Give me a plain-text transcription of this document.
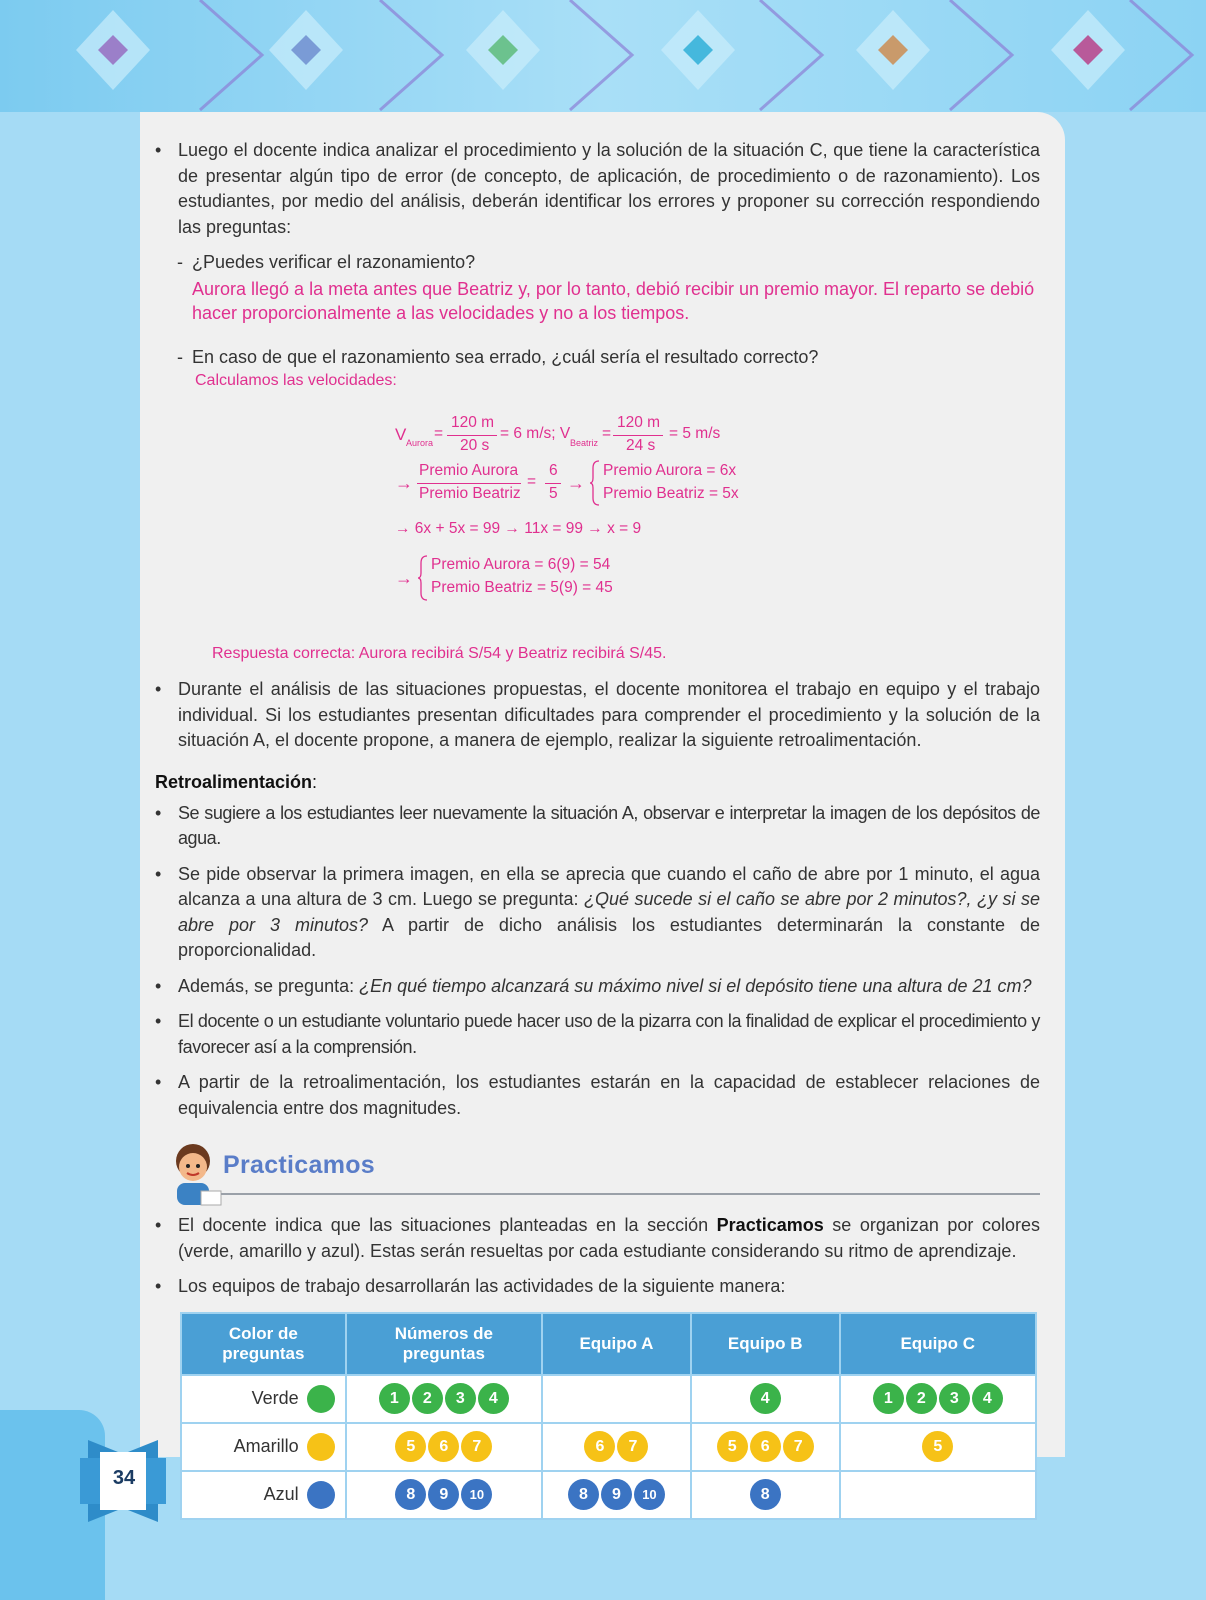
• Luego el docente indica analizar el procedimiento y la solución de la situación C, que tiene la característica de presentar algún tipo de error (de concepto, de aplicación, de procedimiento o de razonamiento). Los estudiantes, por medio del análisis, deberán identificar los errores y proponer su corrección respondiendo las preguntas:

- ¿Puedes verificar el razonamiento?
Aurora llegó a la meta antes que Beatriz y, por lo tanto, debió recibir un premio mayor. El reparto se debió hacer proporcionalmente a las velocidades y no a los tiempos.
- En caso de que el razonamiento sea errado, ¿cuál sería el resultado correcto?
Calculamos las velocidades:
V Aurora
=
120 m
20 s
= 6 m/s; V
Beatriz
=
120 m
24 s
= 5 m/s
→
Premio Aurora
Premio Beatriz
=
6
5
→
Premio Aurora = 6x
Premio Beatriz = 5x
→ 6x + 5x = 99 → 11x = 99 → x = 9
→
Premio Aurora = 6(9) = 54
Premio Beatriz = 5(9) = 45
Respuesta correcta: Aurora recibirá S/54 y Beatriz recibirá S/45.

• Durante el análisis de las situaciones propuestas, el docente monitorea el trabajo en equipo y el trabajo individual. Si los estudiantes presentan dificultades para comprender el procedimiento y la solución de la situación A, el docente propone, a manera de ejemplo, realizar la siguiente retroalimentación.

Retroalimentación:

• Se sugiere a los estudiantes leer nuevamente la situación A, observar e interpretar la imagen de los depósitos de agua.

• Se pide observar la primera imagen, en ella se aprecia que cuando el caño de abre por 1 minuto, el agua alcanza a una altura de 3 cm. Luego se pregunta: ¿Qué sucede si el caño se abre por 2 minutos?, ¿y si se abre por 3 minutos? A partir de dicho análisis los estudiantes determinarán la constante de proporcionalidad.

• Además, se pregunta: ¿En qué tiempo alcanzará su máximo nivel si el depósito tiene una altura de 21 cm?

• El docente o un estudiante voluntario puede hacer uso de la pizarra con la finalidad de explicar el procedimiento y favorecer así a la comprensión.

• A partir de la retroalimentación, los estudiantes estarán en la capacidad de establecer relaciones de equivalencia entre dos magnitudes.

Practicamos

• El docente indica que las situaciones planteadas en la sección Practicamos se organizan por colores (verde, amarillo y azul). Estas serán resueltas por cada estudiante considerando su ritmo de aprendizaje.

• Los equipos de trabajo desarrollarán las actividades de la siguiente manera:

Color de
preguntas	Números de
preguntas	Equipo A	Equipo B	Equipo C
Verde	1 2 3 4		4	1 2 3 4
Amarillo	5 6 7	6 7	5 6 7	5
Azul	8 9 10	8 9 10	8	
34
